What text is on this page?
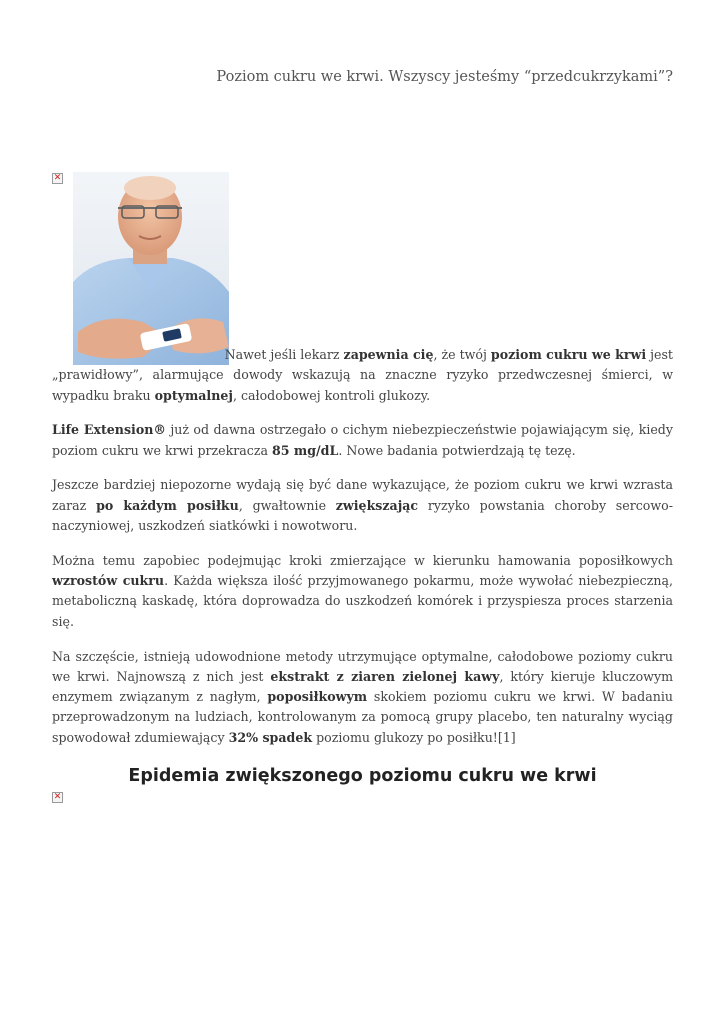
Poziom cukru we krwi. Wszyscy jesteśmy “przedcukrzykami”?
✕

Nawet jeśli lekarz zapewnia cię, że twój poziom cukru we krwi jest
„prawidłowy”, alarmujące dowody wskazują na znaczne ryzyko przedwczesnej śmierci, w wypadku braku optymalnej, całodobowej kontroli glukozy.

Life Extension® już od dawna ostrzegało o cichym niebezpieczeństwie pojawiającym się, kiedy poziom cukru we krwi przekracza 85 mg/dL. Nowe badania potwierdzają tę tezę.

Jeszcze bardziej niepozorne wydają się być dane wykazujące, że poziom cukru we krwi wzrasta zaraz po każdym posiłku, gwałtownie zwiększając ryzyko powstania choroby sercowo-naczyniowej, uszkodzeń siatkówki i nowotworu.

Można temu zapobiec podejmując kroki zmierzające w kierunku hamowania poposiłkowych wzrostów cukru. Każda większa ilość przyjmowanego pokarmu, może wywołać niebezpieczną, metaboliczną kaskadę, która doprowadza do uszkodzeń komórek i przyspiesza proces starzenia się.

Na szczęście, istnieją udowodnione metody utrzymujące optymalne, całodobowe poziomy cukru we krwi. Najnowszą z nich jest ekstrakt z ziaren zielonej kawy, który kieruje kluczowym enzymem związanym z nagłym, poposiłkowym skokiem poziomu cukru we krwi. W badaniu przeprowadzonym na ludziach, kontrolowanym za pomocą grupy placebo, ten naturalny wyciąg spowodował zdumiewający 32% spadek poziomu glukozy po posiłku![1]

Epidemia zwiększonego poziomu cukru we krwi
✕
